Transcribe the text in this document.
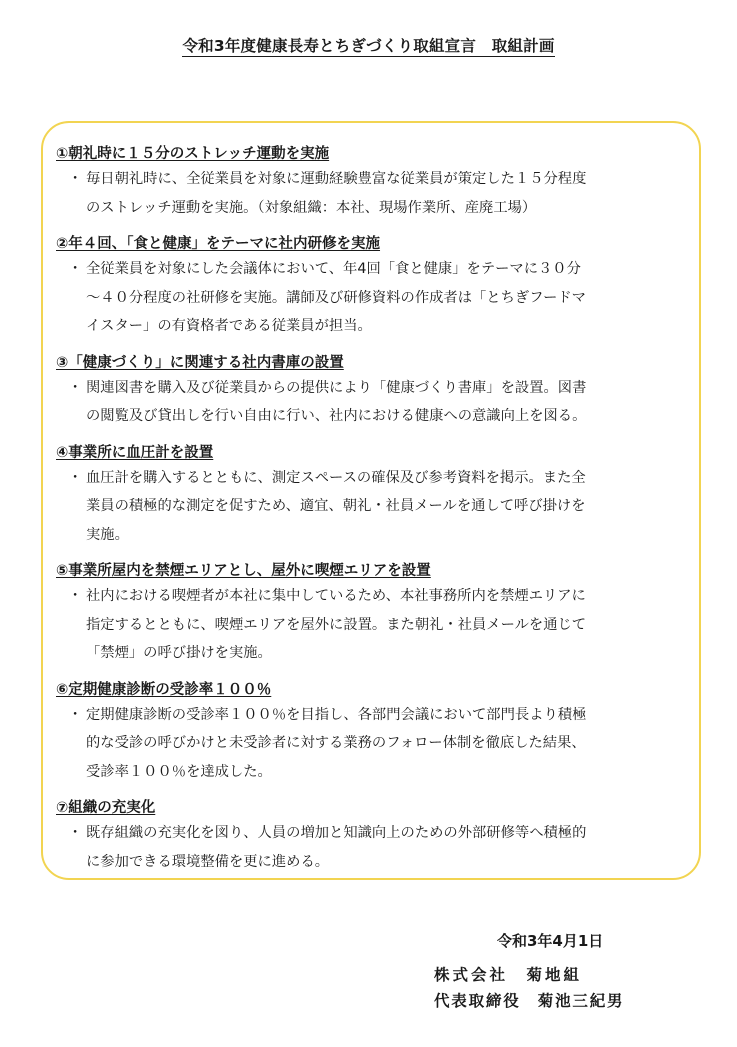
令和3年度健康長寿とちぎづくり取組宣言　取組計画
①朝礼時に１５分のストレッチ運動を実施
・ 毎日朝礼時に、全従業員を対象に運動経験豊富な従業員が策定した１５分程度
のストレッチ運動を実施。（対象組織：本社、現場作業所、産廃工場）
②年４回、「食と健康」をテーマに社内研修を実施
・ 全従業員を対象にした会議体において、年4回「食と健康」をテーマに３０分
～４０分程度の社研修を実施。講師及び研修資料の作成者は「とちぎフードマ
イスター」の有資格者である従業員が担当。
③「健康づくり」に関連する社内書庫の設置
・ 関連図書を購入及び従業員からの提供により「健康づくり書庫」を設置。図書
の閲覧及び貸出しを行い自由に行い、社内における健康への意識向上を図る。
④事業所に血圧計を設置
・ 血圧計を購入するとともに、測定スペースの確保及び参考資料を掲示。また全
業員の積極的な測定を促すため、適宜、朝礼・社員メールを通して呼び掛けを
実施。
⑤事業所屋内を禁煙エリアとし、屋外に喫煙エリアを設置
・ 社内における喫煙者が本社に集中しているため、本社事務所内を禁煙エリアに
指定するとともに、喫煙エリアを屋外に設置。また朝礼・社員メールを通じて
「禁煙」の呼び掛けを実施。
⑥定期健康診断の受診率１００％
・ 定期健康診断の受診率１００％を目指し、各部門会議において部門長より積極
的な受診の呼びかけと未受診者に対する業務のフォロー体制を徹底した結果、
受診率１００％を達成した。
⑦組織の充実化
・ 既存組織の充実化を図り、人員の増加と知識向上のための外部研修等へ積極的
に参加できる環境整備を更に進める。
令和3年4月1日
株式会社　菊地組
代表取締役　菊池三紀男
